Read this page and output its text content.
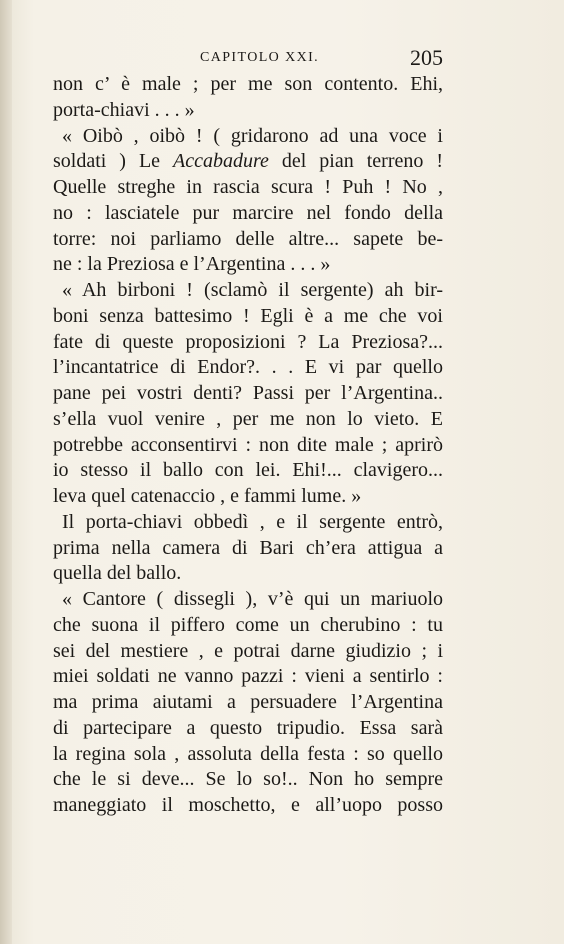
CAPITOLO XXI.	205
non c’ è male ; per me son contento. Ehi,
porta-chiavi . . . »
« Oibò , oibò ! ( gridarono ad una voce i
soldati ) Le Accabadure del pian terreno !
Quelle streghe in rascia scura ! Puh ! No ,
no : lasciatele pur marcire nel fondo della
torre: noi parliamo delle altre... sapete be-
ne : la Preziosa e l’Argentina . . . »
« Ah birboni ! (sclamò il sergente) ah bir-
boni senza battesimo ! Egli è a me che voi
fate di queste proposizioni ? La Preziosa?...
l’incantatrice di Endor?. . . E vi par quello
pane pei vostri denti? Passi per l’Argentina..
s’ella vuol venire , per me non lo vieto. E
potrebbe acconsentirvi : non dite male ; aprirò
io stesso il ballo con lei. Ehi!... clavigero...
leva quel catenaccio , e fammi lume. »
Il porta-chiavi obbedì , e il sergente entrò,
prima nella camera di Bari ch’era attigua a
quella del ballo.
« Cantore ( dissegli ), v’è qui un mariuolo
che suona il piffero come un cherubino : tu
sei del mestiere , e potrai darne giudizio ; i
miei soldati ne vanno pazzi : vieni a sentirlo :
ma prima aiutami a persuadere l’Argentina
di partecipare a questo tripudio. Essa sarà
la regina sola , assoluta della festa : so quello
che le si deve... Se lo so!.. Non ho sempre
maneggiato il moschetto, e all’uopo posso
